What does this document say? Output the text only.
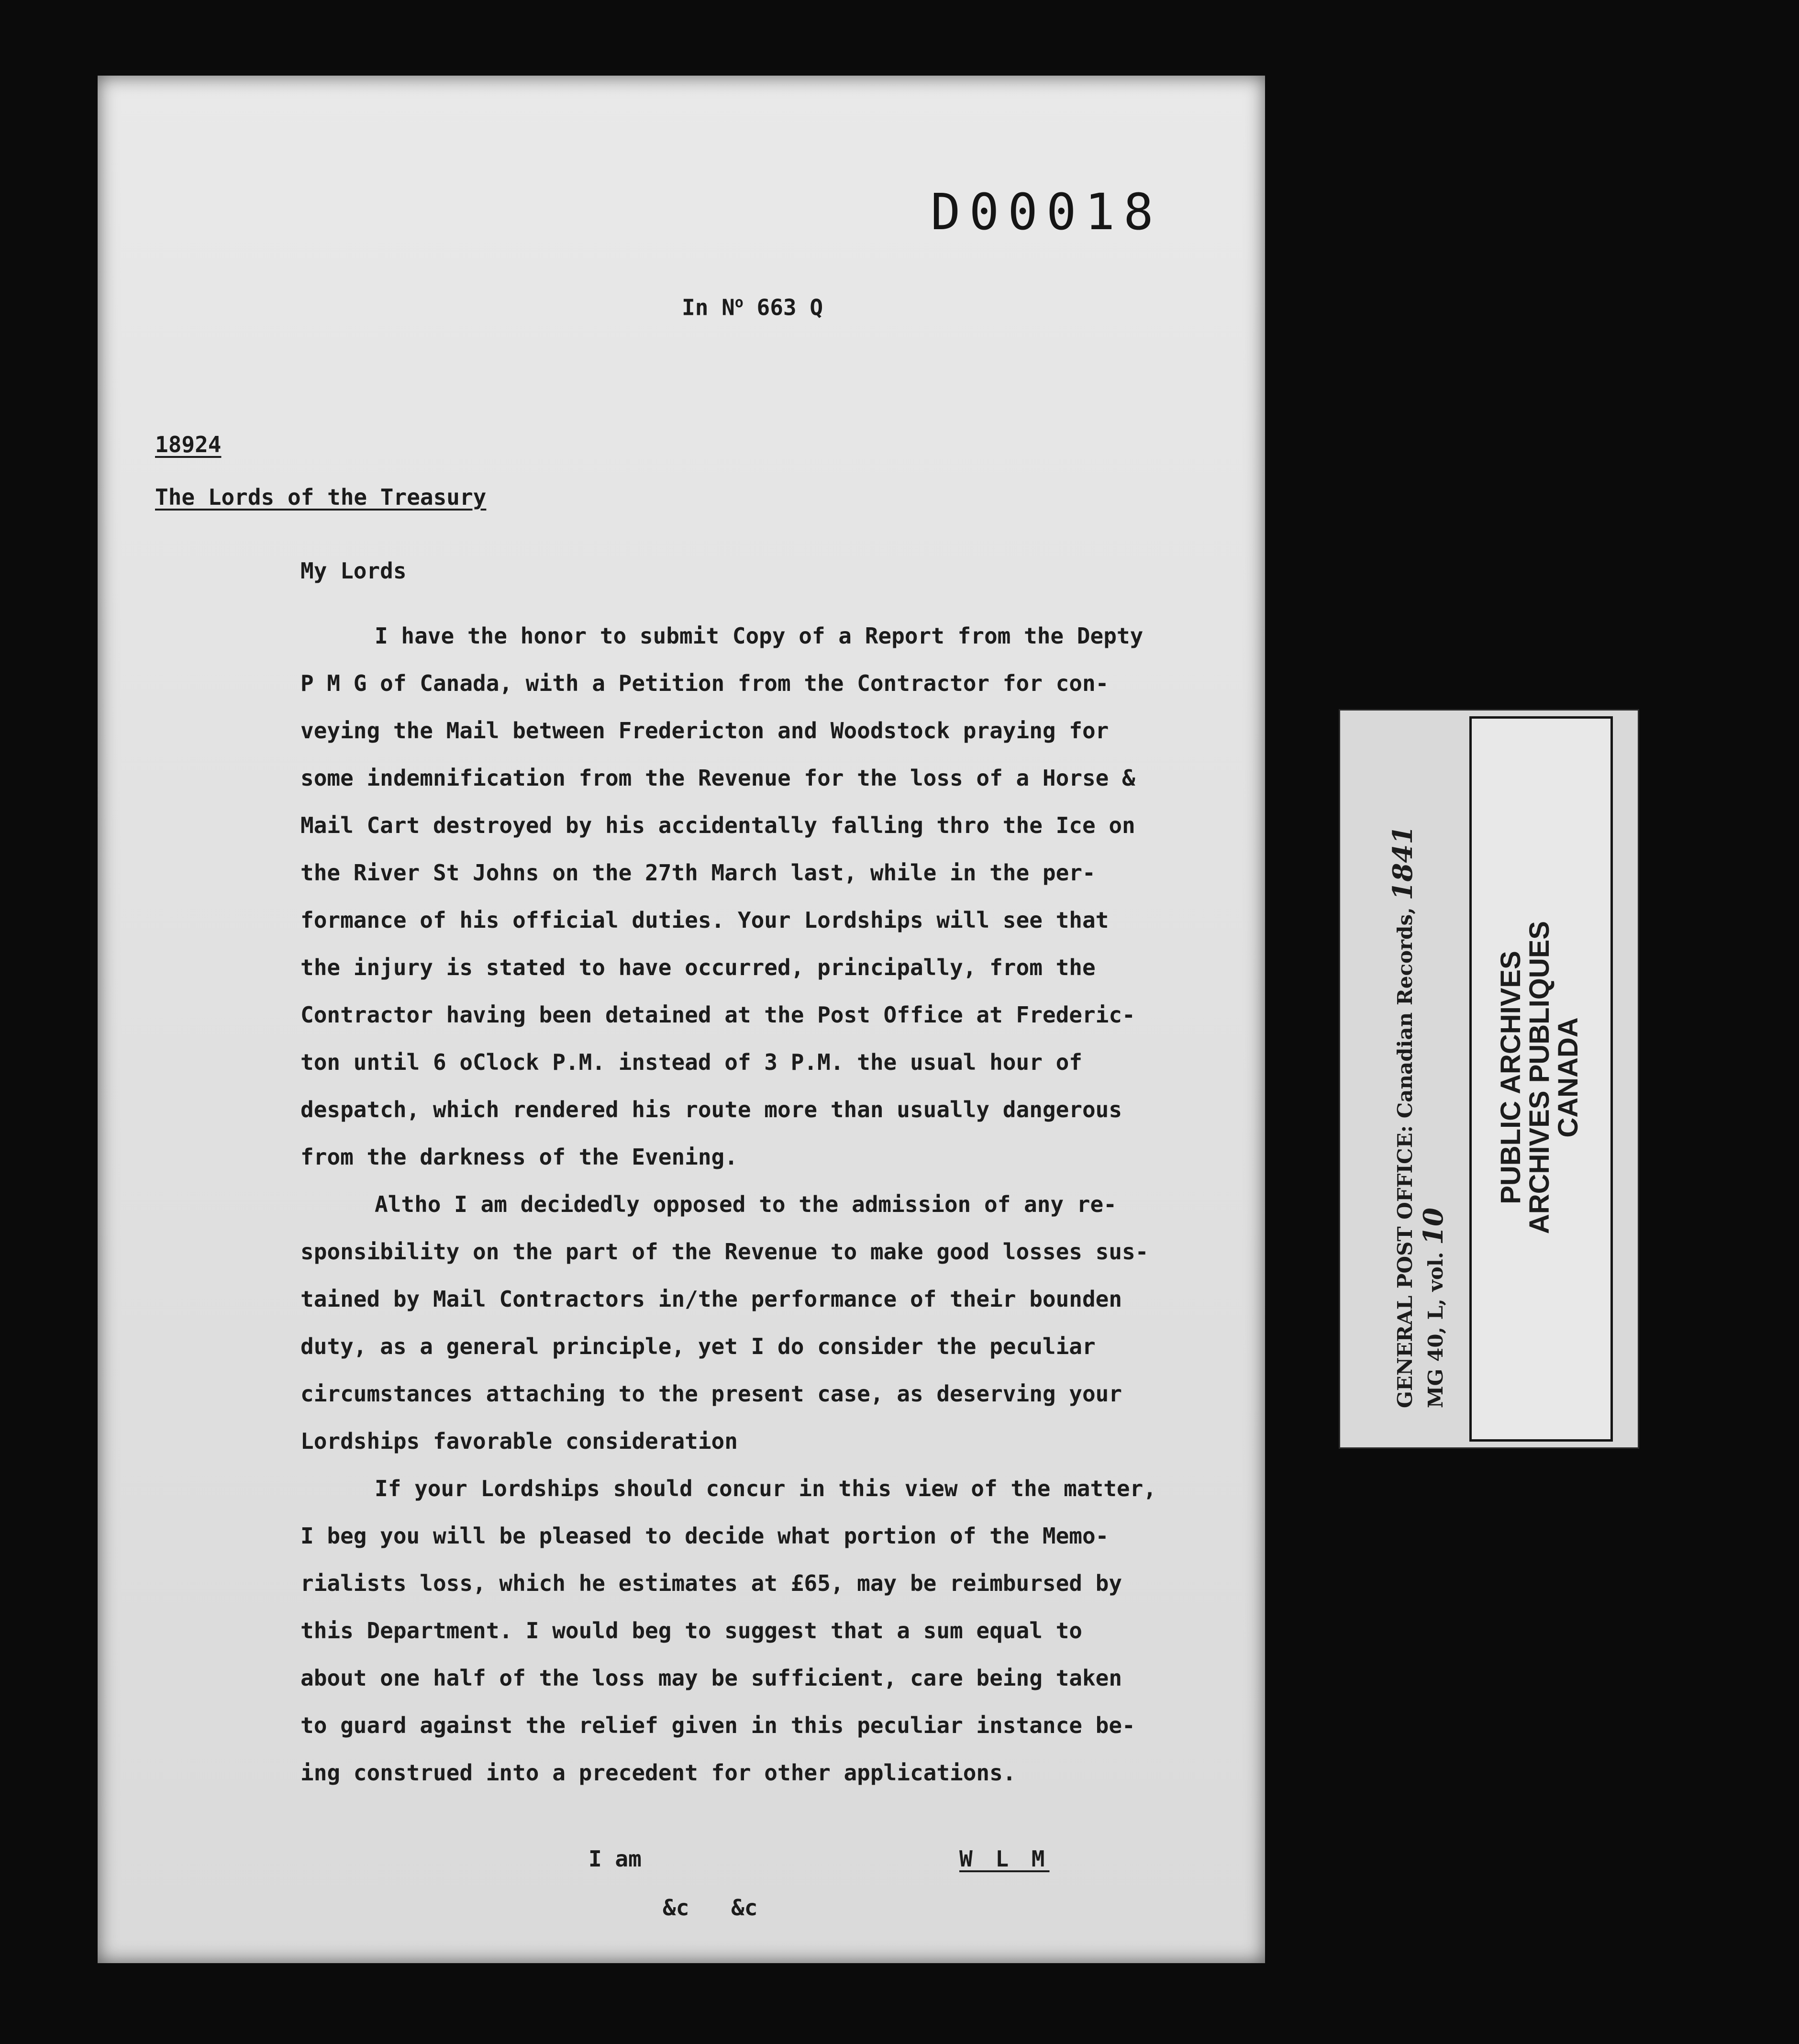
D00018
In $N^o$ 663 Q
18924
The Lords of the Treasury
My Lords
I have the honor to submit Copy of a Report from the Depty
P M G of Canada, with a Petition from the Contractor for con-
veying the Mail between Fredericton and Woodstock praying for
some indemnification from the Revenue for the loss of a Horse &
Mail Cart destroyed by his accidentally falling thro the Ice on
the River St Johns on the 27th March last, while in the per-
formance of his official duties. Your Lordships will see that
the injury is stated to have occurred, principally, from the
Contractor having been detained at the Post Office at Frederic-
ton until 6 oClock P.M. instead of 3 P.M. the usual hour of
despatch, which rendered his route more than usually dangerous
from the darkness of the Evening.
Altho I am decidedly opposed to the admission of any re-
sponsibility on the part of the Revenue to make good losses sus-
tained by Mail Contractors in/the performance of their bounden
duty, as a general principle, yet I do consider the peculiar
circumstances attaching to the present case, as deserving your
Lordships favorable consideration
If your Lordships should concur in this view of the matter,
I beg you will be pleased to decide what portion of the Memo-
rialists loss, which he estimates at £65, may be reimbursed by
this Department. I would beg to suggest that a sum equal to
about one half of the loss may be sufficient, care being taken
to guard against the relief given in this peculiar instance be-
ing construed into a precedent for other applications.
I am	W L M
&c &c
GENERAL POST OFFICE: Canadian Records, 1841
MG 40, L, vol. 10
PUBLIC ARCHIVES
ARCHIVES PUBLIQUES
CANADA
